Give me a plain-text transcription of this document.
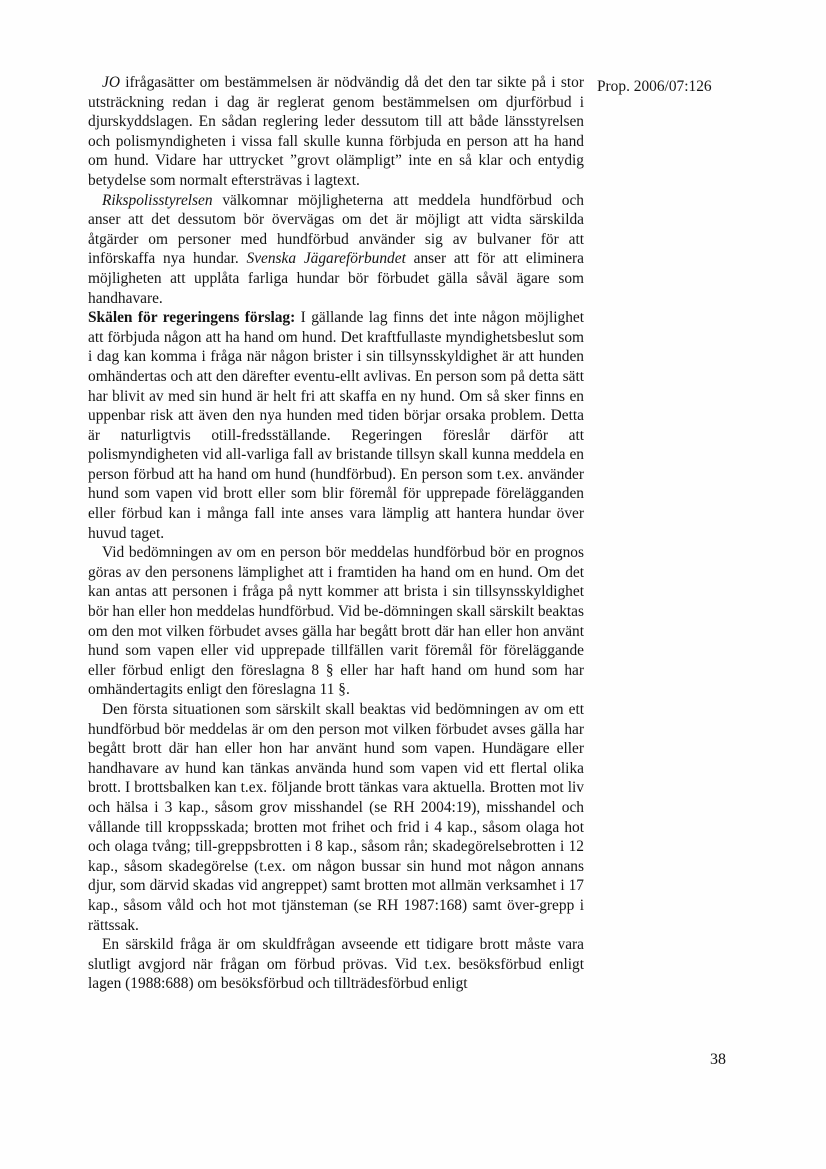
Prop. 2006/07:126

JO ifrågasätter om bestämmelsen är nödvändig då det den tar sikte på i stor utsträckning redan i dag är reglerat genom bestämmelsen om djurförbud i djurskyddslagen. En sådan reglering leder dessutom till att både länsstyrelsen och polismyndigheten i vissa fall skulle kunna förbjuda en person att ha hand om hund. Vidare har uttrycket ”grovt olämpligt” inte en så klar och entydig betydelse som normalt eftersträvas i lagtext.

Rikspolisstyrelsen välkomnar möjligheterna att meddela hundförbud och anser att det dessutom bör övervägas om det är möjligt att vidta särskilda åtgärder om personer med hundförbud använder sig av bulvaner för att införskaffa nya hundar. Svenska Jägareförbundet anser att för att eliminera möjligheten att upplåta farliga hundar bör förbudet gälla såväl ägare som handhavare.

Skälen för regeringens förslag: I gällande lag finns det inte någon möjlighet att förbjuda någon att ha hand om hund. Det kraftfullaste myndighetsbeslut som i dag kan komma i fråga när någon brister i sin tillsynsskyldighet är att hunden omhändertas och att den därefter eventu-ellt avlivas. En person som på detta sätt har blivit av med sin hund är helt fri att skaffa en ny hund. Om så sker finns en uppenbar risk att även den nya hunden med tiden börjar orsaka problem. Detta är naturligtvis otill-fredsställande. Regeringen föreslår därför att polismyndigheten vid all-varliga fall av bristande tillsyn skall kunna meddela en person förbud att ha hand om hund (hundförbud). En person som t.ex. använder hund som vapen vid brott eller som blir föremål för upprepade förelägganden eller förbud kan i många fall inte anses vara lämplig att hantera hundar över huvud taget.

Vid bedömningen av om en person bör meddelas hundförbud bör en prognos göras av den personens lämplighet att i framtiden ha hand om en hund. Om det kan antas att personen i fråga på nytt kommer att brista i sin tillsynsskyldighet bör han eller hon meddelas hundförbud. Vid be-dömningen skall särskilt beaktas om den mot vilken förbudet avses gälla har begått brott där han eller hon använt hund som vapen eller vid upprepade tillfällen varit föremål för föreläggande eller förbud enligt den föreslagna 8 § eller har haft hand om hund som har omhändertagits enligt den föreslagna 11 §.

Den första situationen som särskilt skall beaktas vid bedömningen av om ett hundförbud bör meddelas är om den person mot vilken förbudet avses gälla har begått brott där han eller hon har använt hund som vapen. Hundägare eller handhavare av hund kan tänkas använda hund som vapen vid ett flertal olika brott. I brottsbalken kan t.ex. följande brott tänkas vara aktuella. Brotten mot liv och hälsa i 3 kap., såsom grov misshandel (se RH 2004:19), misshandel och vållande till kroppsskada; brotten mot frihet och frid i 4 kap., såsom olaga hot och olaga tvång; till-greppsbrotten i 8 kap., såsom rån; skadegörelsebrotten i 12 kap., såsom skadegörelse (t.ex. om någon bussar sin hund mot någon annans djur, som därvid skadas vid angreppet) samt brotten mot allmän verksamhet i 17 kap., såsom våld och hot mot tjänsteman (se RH 1987:168) samt över-grepp i rättssak.

En särskild fråga är om skuldfrågan avseende ett tidigare brott måste vara slutligt avgjord när frågan om förbud prövas. Vid t.ex. besöksförbud enligt lagen (1988:688) om besöksförbud och tillträdesförbud enligt

38
